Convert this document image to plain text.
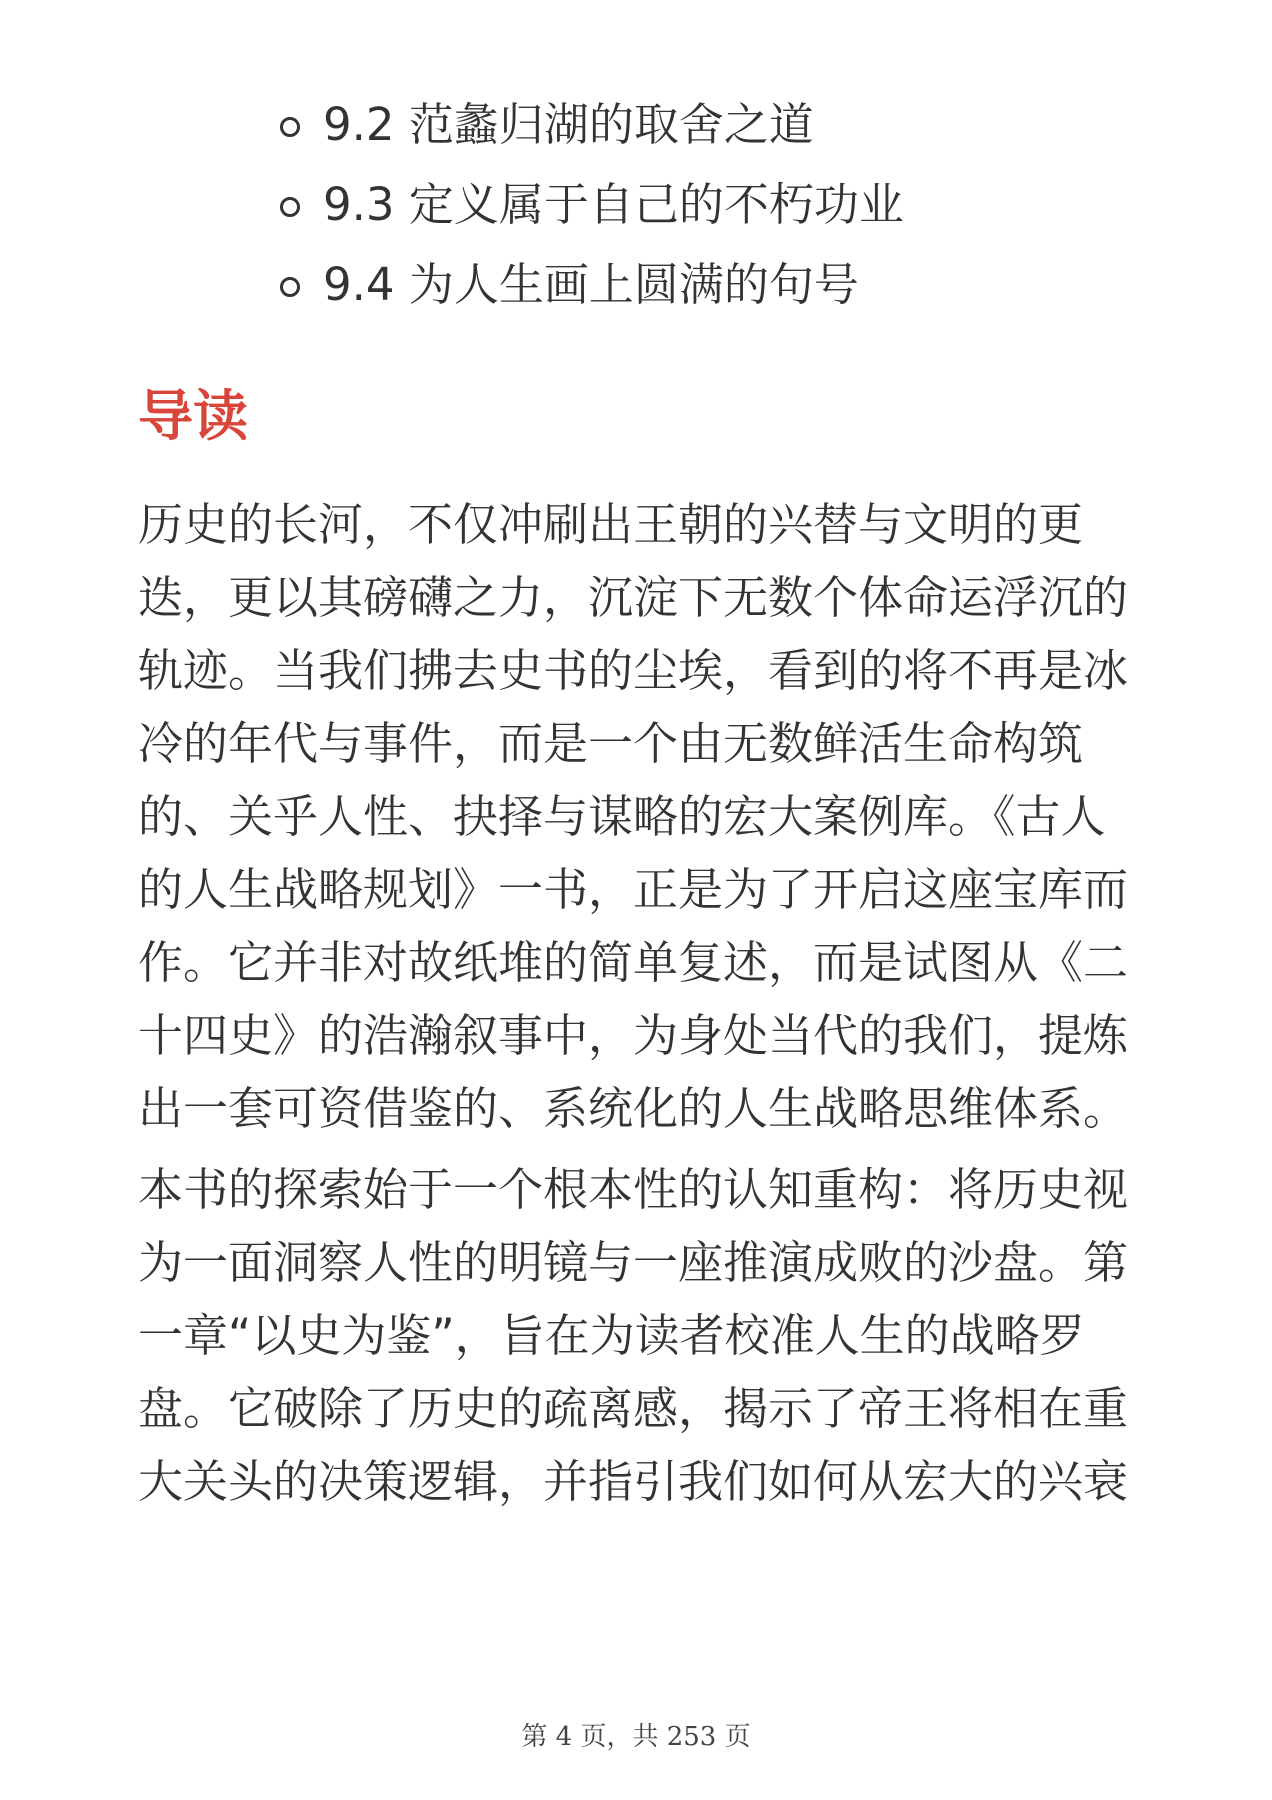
9.2 范蠡归湖的取舍之道
9.3 定义属于自己的不朽功业
9.4 为人生画上圆满的句号
导读

历史的长河，不仅冲刷出王朝的兴替与文明的更
迭，更以其磅礴之力，沉淀下无数个体命运浮沉的
轨迹。当我们拂去史书的尘埃，看到的将不再是冰
冷的年代与事件，而是一个由无数鲜活生命构筑
的、关乎人性、抉择与谋略的宏大案例库。《古人
的人生战略规划》一书，正是为了开启这座宝库而
作。它并非对故纸堆的简单复述，而是试图从《二
十四史》的浩瀚叙事中，为身处当代的我们，提炼
出一套可资借鉴的、系统化的人生战略思维体系。

本书的探索始于一个根本性的认知重构：将历史视
为一面洞察人性的明镜与一座推演成败的沙盘。第
一章“以史为鉴”，旨在为读者校准人生的战略罗
盘。它破除了历史的疏离感，揭示了帝王将相在重
大关头的决策逻辑，并指引我们如何从宏大的兴衰

第 4 页，共 253 页
